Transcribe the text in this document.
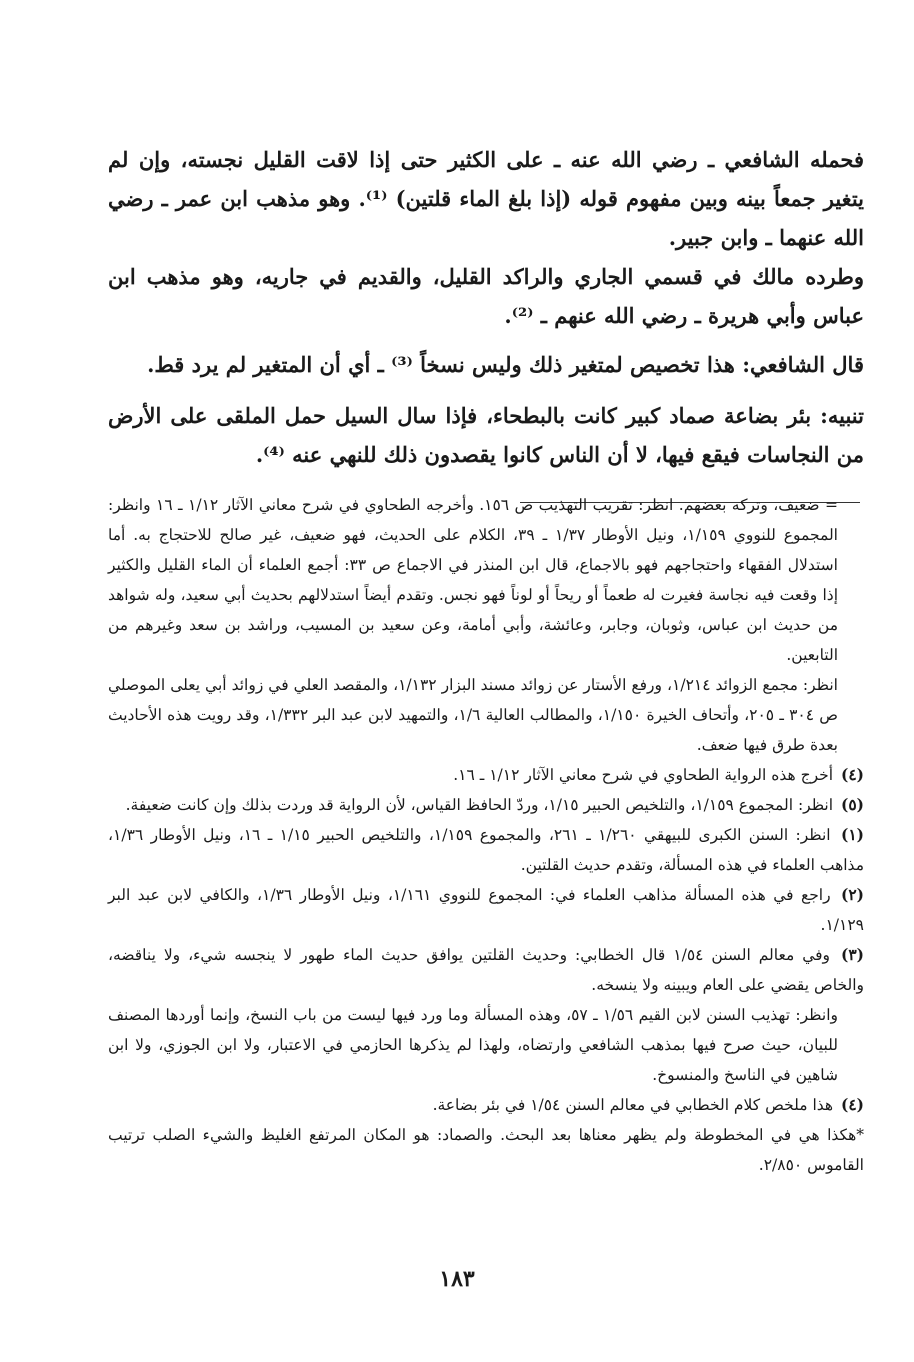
فحمله الشافعي ـ رضي الله عنه ـ على الكثير حتى إذا لاقت القليل نجسته، وإن لم يتغير جمعاً بينه وبين مفهوم قوله (إذا بلغ الماء قلتين) ⁽¹⁾. وهو مذهب ابن عمر ـ رضي الله عنهما ـ وابن جبير.

وطرده مالك في قسمي الجاري والراكد القليل، والقديم في جاريه، وهو مذهب ابن عباس وأبي هريرة ـ رضي الله عنهم ـ ⁽²⁾.

قال الشافعي: هذا تخصيص لمتغير ذلك وليس نسخاً ⁽³⁾ ـ أي أن المتغير لم يرد قط.

تنبيه: بئر بضاعة صماد كبير كانت بالبطحاء، فإذا سال السيل حمل الملقى على الأرض من النجاسات فيقع فيها، لا أن الناس كانوا يقصدون ذلك للنهي عنه ⁽⁴⁾.

= ضعيف، وتركه بعضهم. انظر: تقريب التهذيب ص ١٥٦. وأخرجه الطحاوي في شرح معاني الآثار ١/١٢ ـ ١٦ وانظر: المجموع للنووي ١/١٥٩، ونيل الأوطار ١/٣٧ ـ ٣٩، الكلام على الحديث، فهو ضعيف، غير صالح للاحتجاج به. أما استدلال الفقهاء واحتجاجهم فهو بالاجماع، قال ابن المنذر في الاجماع ص ٣٣: أجمع العلماء أن الماء القليل والكثير إذا وقعت فيه نجاسة فغيرت له طعماً أو ريحاً أو لوناً فهو نجس. وتقدم أيضاً استدلالهم بحديث أبي سعيد، وله شواهد من حديث ابن عباس، وثوبان، وجابر، وعائشة، وأبي أمامة، وعن سعيد بن المسيب، وراشد بن سعد وغيرهم من التابعين.

انظر: مجمع الزوائد ١/٢١٤، ورفع الأستار عن زوائد مسند البزار ١/١٣٢، والمقصد العلي في زوائد أبي يعلى الموصلي ص ٣٠٤ ـ ٢٠٥، وأتحاف الخيرة ١/١٥٠، والمطالب العالية ١/٦، والتمهيد لابن عبد البر ١/٣٣٢، وقد رويت هذه الأحاديث بعدة طرق فيها ضعف.

(٤) أخرج هذه الرواية الطحاوي في شرح معاني الآثار ١/١٢ ـ ١٦.

(٥) انظر: المجموع ١/١٥٩، والتلخيص الحبير ١/١٥، وردّ الحافظ القياس، لأن الرواية قد وردت بذلك وإن كانت ضعيفة.

(١) انظر: السنن الكبرى للبيهقي ١/٢٦٠ ـ ٢٦١، والمجموع ١/١٥٩، والتلخيص الحبير ١/١٥ ـ ١٦، ونيل الأوطار ١/٣٦، مذاهب العلماء في هذه المسألة، وتقدم حديث القلتين.

(٢) راجع في هذه المسألة مذاهب العلماء في: المجموع للنووي ١/١٦١، ونيل الأوطار ١/٣٦، والكافي لابن عبد البر ١/١٢٩.

(٣) وفي معالم السنن ١/٥٤ قال الخطابي: وحديث القلتين يوافق حديث الماء طهور لا ينجسه شيء، ولا يناقضه، والخاص يقضي على العام ويبينه ولا ينسخه.

وانظر: تهذيب السنن لابن القيم ١/٥٦ ـ ٥٧، وهذه المسألة وما ورد فيها ليست من باب النسخ، وإنما أوردها المصنف للبيان، حيث صرح فيها بمذهب الشافعي وارتضاه، ولهذا لم يذكرها الحازمي في الاعتبار، ولا ابن الجوزي، ولا ابن شاهين في الناسخ والمنسوخ.

(٤) هذا ملخص كلام الخطابي في معالم السنن ١/٥٤ في بئر بضاعة.

*هكذا هي في المخطوطة ولم يظهر معناها بعد البحث. والصماد: هو المكان المرتفع الغليظ والشيء الصلب ترتيب القاموس ٢/٨٥٠.

١٨٣
